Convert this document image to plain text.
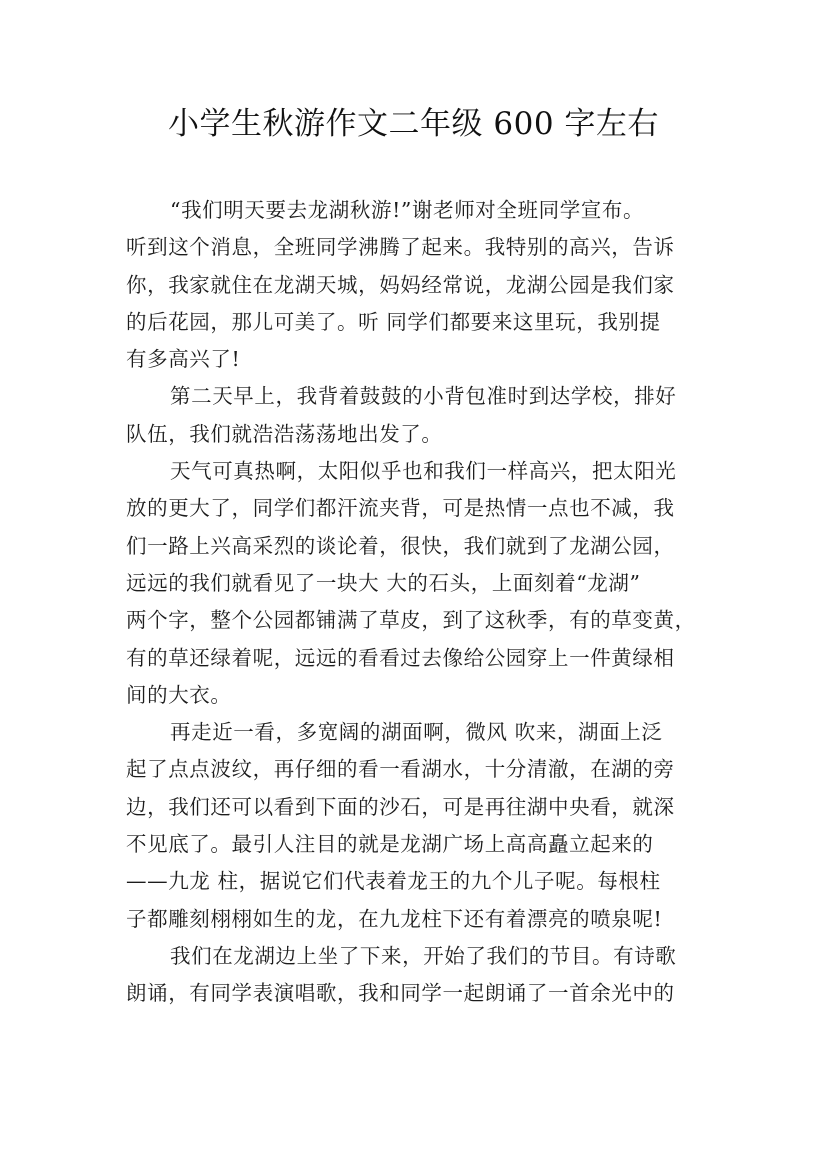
小学生秋游作文二年级 600 字左右
“我们明天要去龙湖秋游!”谢老师对全班同学宣布。
听到这个消息，全班同学沸腾了起来。我特别的高兴，告诉
你，我家就住在龙湖天城，妈妈经常说，龙湖公园是我们家
的后花园，那儿可美了。听 同学们都要来这里玩，我别提
有多高兴了!
第二天早上，我背着鼓鼓的小背包准时到达学校，排好
队伍，我们就浩浩荡荡地出发了。
天气可真热啊，太阳似乎也和我们一样高兴，把太阳光
放的更大了，同学们都汗流夹背，可是热情一点也不减，我
们一路上兴高采烈的谈论着，很快，我们就到了龙湖公园，
远远的我们就看见了一块大 大的石头，上面刻着“龙湖”
两个字，整个公园都铺满了草皮，到了这秋季，有的草变黄，
有的草还绿着呢，远远的看看过去像给公园穿上一件黄绿相
间的大衣。
再走近一看，多宽阔的湖面啊，微风 吹来，湖面上泛
起了点点波纹，再仔细的看一看湖水，十分清澈，在湖的旁
边，我们还可以看到下面的沙石，可是再往湖中央看，就深
不见底了。最引人注目的就是龙湖广场上高高矗立起来的
——九龙 柱，据说它们代表着龙王的九个儿子呢。每根柱
子都雕刻栩栩如生的龙，在九龙柱下还有着漂亮的喷泉呢!
我们在龙湖边上坐了下来，开始了我们的节目。有诗歌
朗诵，有同学表演唱歌，我和同学一起朗诵了一首余光中的
